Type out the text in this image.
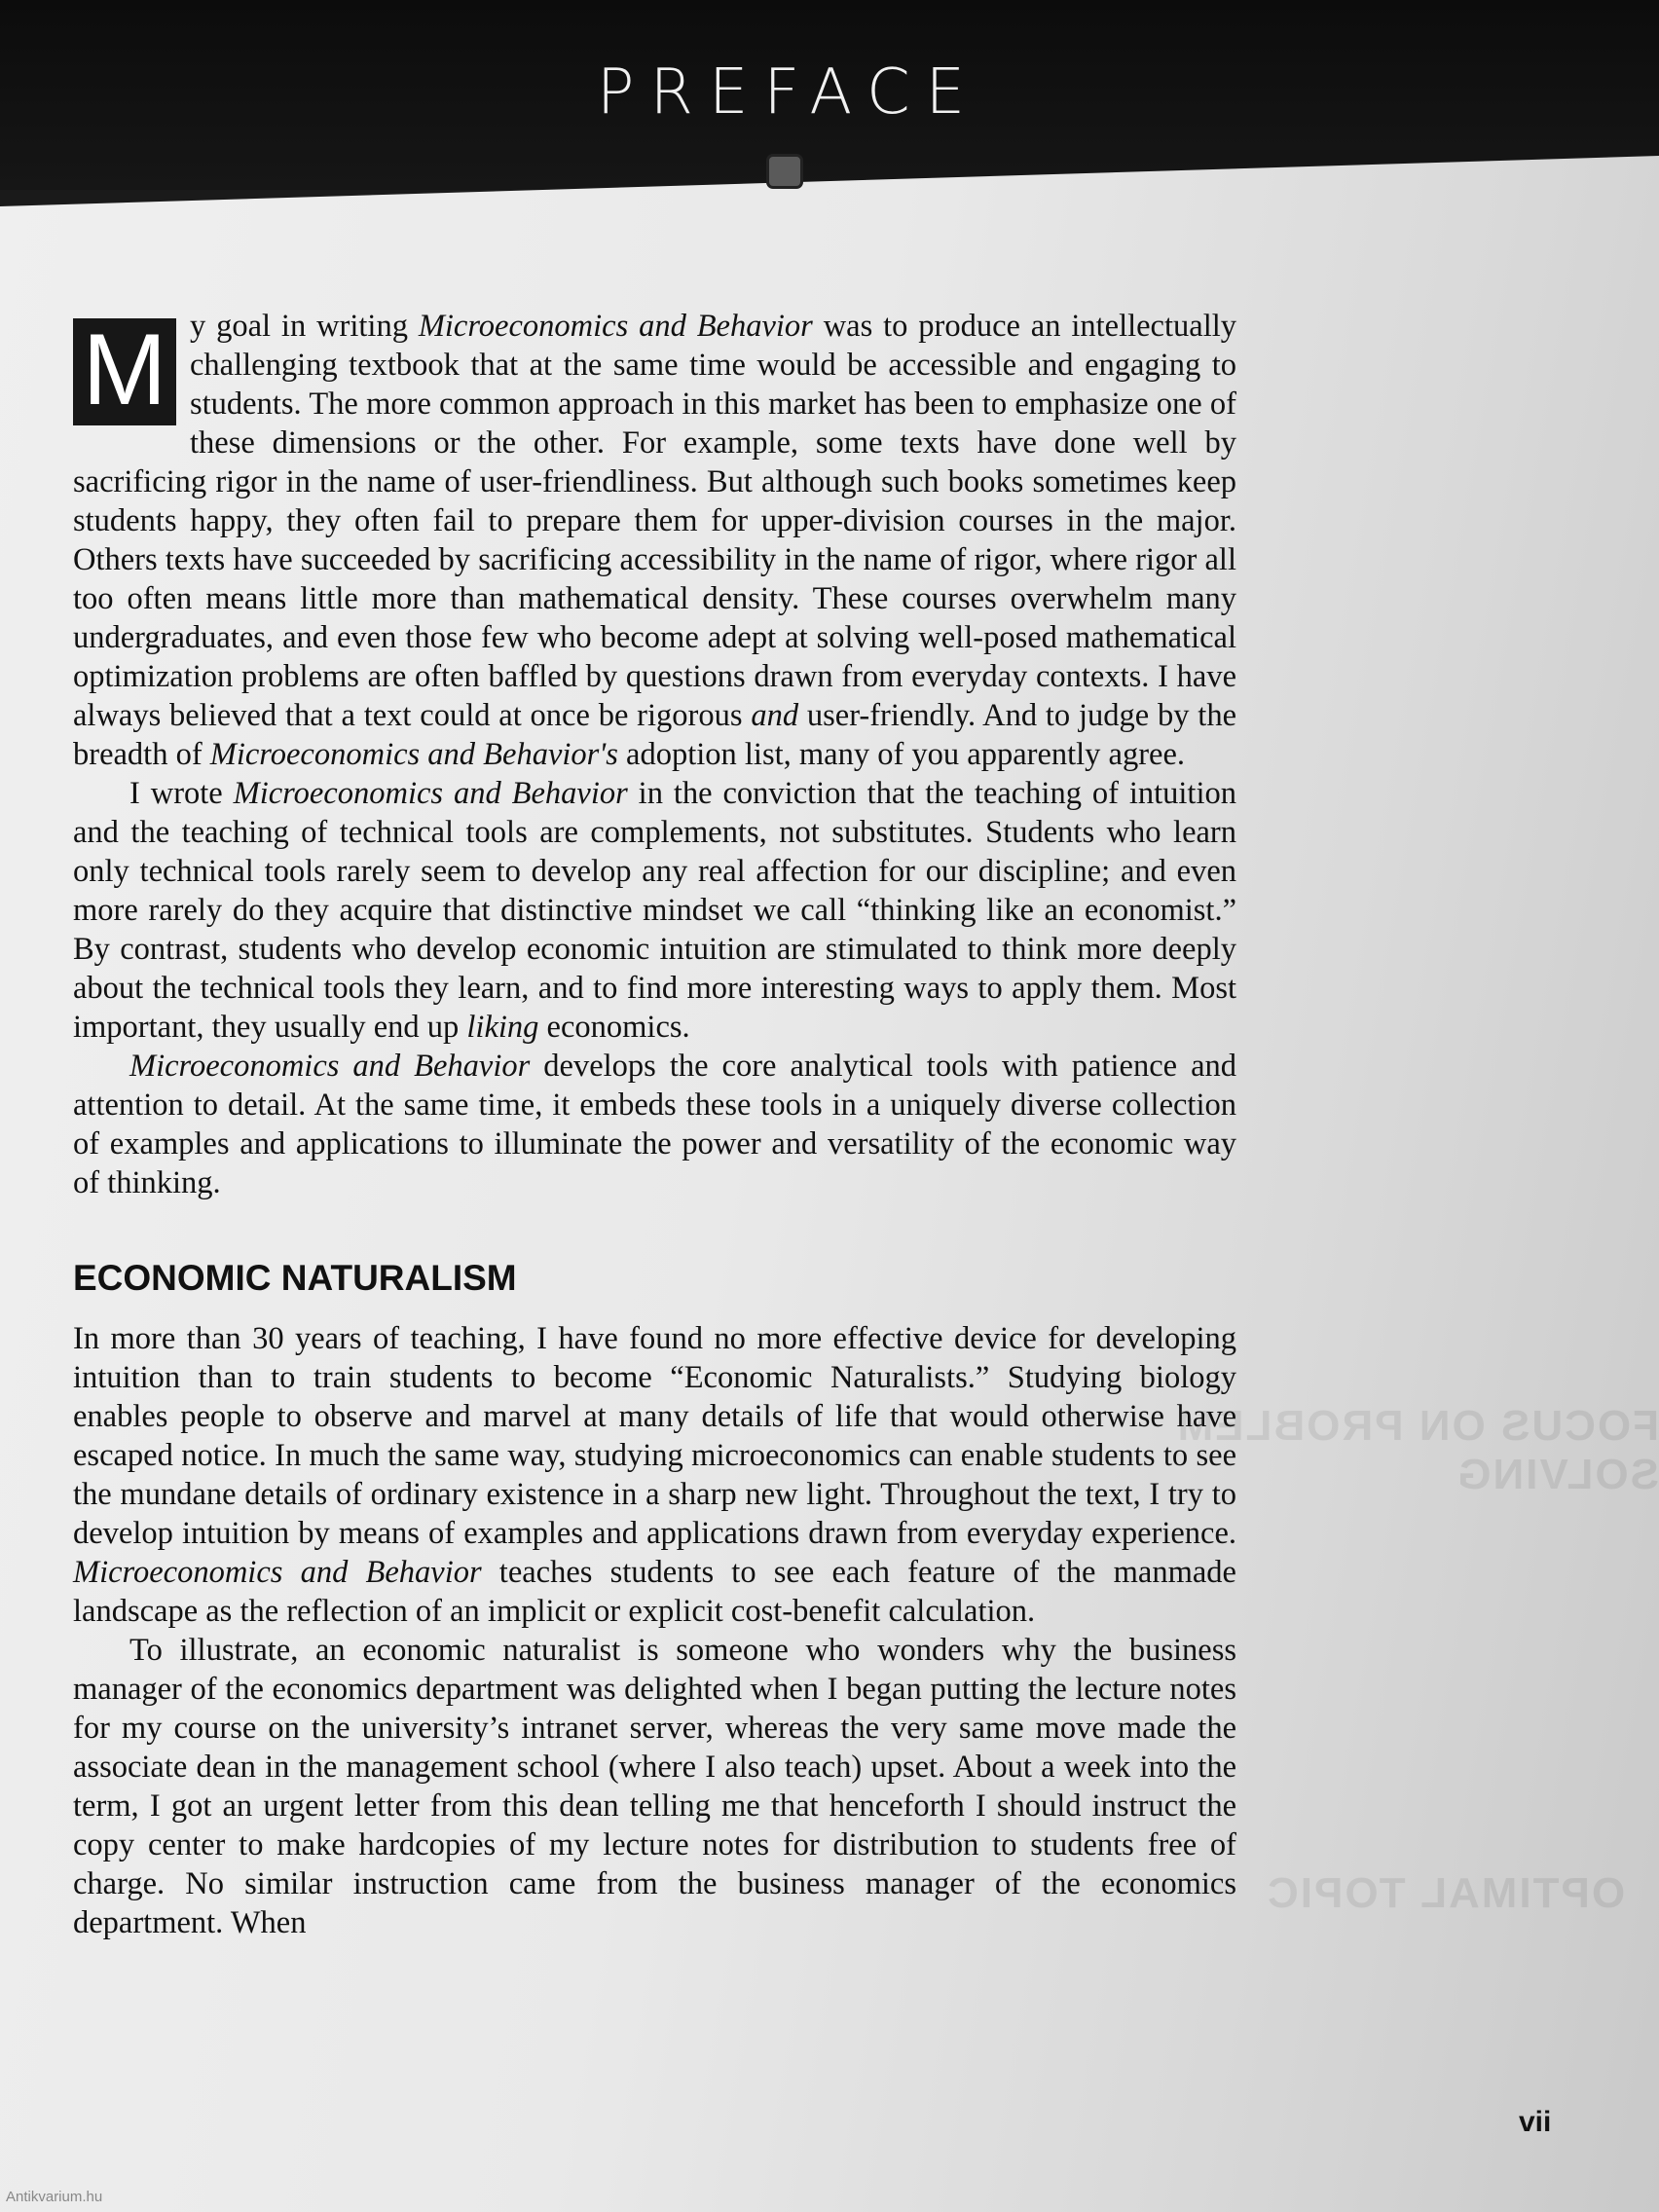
PREFACE
FOCUS ON PROBLEM SOLVING
OPTIMAL TOPIC

M y goal in writing Microeconomics and Behavior was to produce an intellectually challenging textbook that at the same time would be accessible and engaging to students. The more common approach in this market has been to emphasize one of these dimensions or the other. For example, some texts have done well by sacrificing rigor in the name of user-friendliness. But although such books sometimes keep students happy, they often fail to prepare them for upper-division courses in the major. Others texts have succeeded by sacrificing accessibility in the name of rigor, where rigor all too often means little more than mathematical density. These courses overwhelm many undergraduates, and even those few who become adept at solving well-posed mathematical optimization problems are often baffled by questions drawn from everyday contexts. I have always believed that a text could at once be rigorous and user-friendly. And to judge by the breadth of Microeconomics and Behavior's adoption list, many of you apparently agree.

I wrote Microeconomics and Behavior in the conviction that the teaching of intuition and the teaching of technical tools are complements, not substitutes. Students who learn only technical tools rarely seem to develop any real affection for our discipline; and even more rarely do they acquire that distinctive mindset we call “thinking like an economist.” By contrast, students who develop economic intuition are stimulated to think more deeply about the technical tools they learn, and to find more interesting ways to apply them. Most important, they usually end up liking economics.

Microeconomics and Behavior develops the core analytical tools with patience and attention to detail. At the same time, it embeds these tools in a uniquely diverse collection of examples and applications to illuminate the power and versatility of the economic way of thinking.

ECONOMIC NATURALISM

In more than 30 years of teaching, I have found no more effective device for developing intuition than to train students to become “Economic Naturalists.” Studying biology enables people to observe and marvel at many details of life that would otherwise have escaped notice. In much the same way, studying microeconomics can enable students to see the mundane details of ordinary existence in a sharp new light. Throughout the text, I try to develop intuition by means of examples and applications drawn from everyday experience. Microeconomics and Behavior teaches students to see each feature of the manmade landscape as the reflection of an implicit or explicit cost-benefit calculation.

To illustrate, an economic naturalist is someone who wonders why the business manager of the economics department was delighted when I began putting the lecture notes for my course on the university’s intranet server, whereas the very same move made the associate dean in the management school (where I also teach) upset. About a week into the term, I got an urgent letter from this dean telling me that henceforth I should instruct the copy center to make hardcopies of my lecture notes for distribution to students free of charge. No similar instruction came from the business manager of the economics department. When

vii
Antikvarium.hu
